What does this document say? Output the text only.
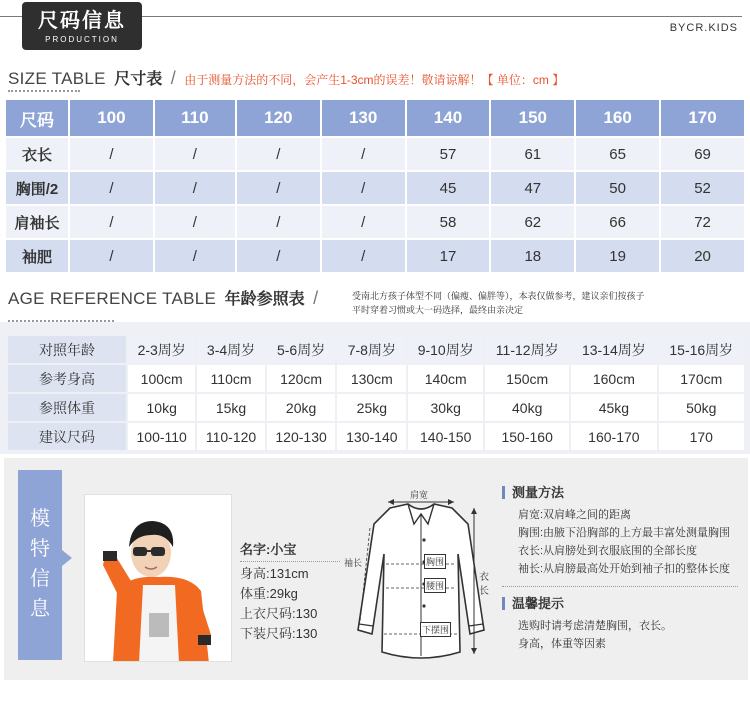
尺码信息
PRODUCTION
BYCR.KIDS
SIZE TABLE 尺寸表 / 由于测量方法的不同，会产生1-3cm的误差！敬请谅解！【 单位：cm 】
尺码	100	110	120	130	140	150	160	170
衣长	/	/	/	/	57	61	65	69
胸围/2	/	/	/	/	45	47	50	52
肩袖长	/	/	/	/	58	62	66	72
袖肥	/	/	/	/	17	18	19	20
AGE REFERENCE TABLE 年龄参照表 /	受南北方孩子体型不同（偏瘦、偏胖等），本表仅做参考，建议亲们按孩子
平时穿着习惯或大一码选择，最终由亲决定
对照年龄	2-3周岁	3-4周岁	5-6周岁	7-8周岁	9-10周岁	11-12周岁	13-14周岁	15-16周岁
参考身高	100cm	110cm	120cm	130cm	140cm	150cm	160cm	170cm
参照体重	10kg	15kg	20kg	25kg	30kg	40kg	45kg	50kg
建议尺码	100-110	110-120	120-130	130-140	140-150	150-160	160-170	170
模
特
信
息
名字:小宝
身高:131cm
体重:29kg
上衣尺码:130
下装尺码:130
肩宽
袖长	胸围
腰围
下摆围
衣
长
测量方法
肩宽:双肩峰之间的距离
胸围:由腋下沿胸部的上方最丰富处测量胸围
衣长:从肩膀处到衣服底围的全部长度
袖长:从肩膀最高处开始到袖子扣的整体长度
温馨提示
选购时请考虑清楚胸围，衣长。
身高，体重等因素
